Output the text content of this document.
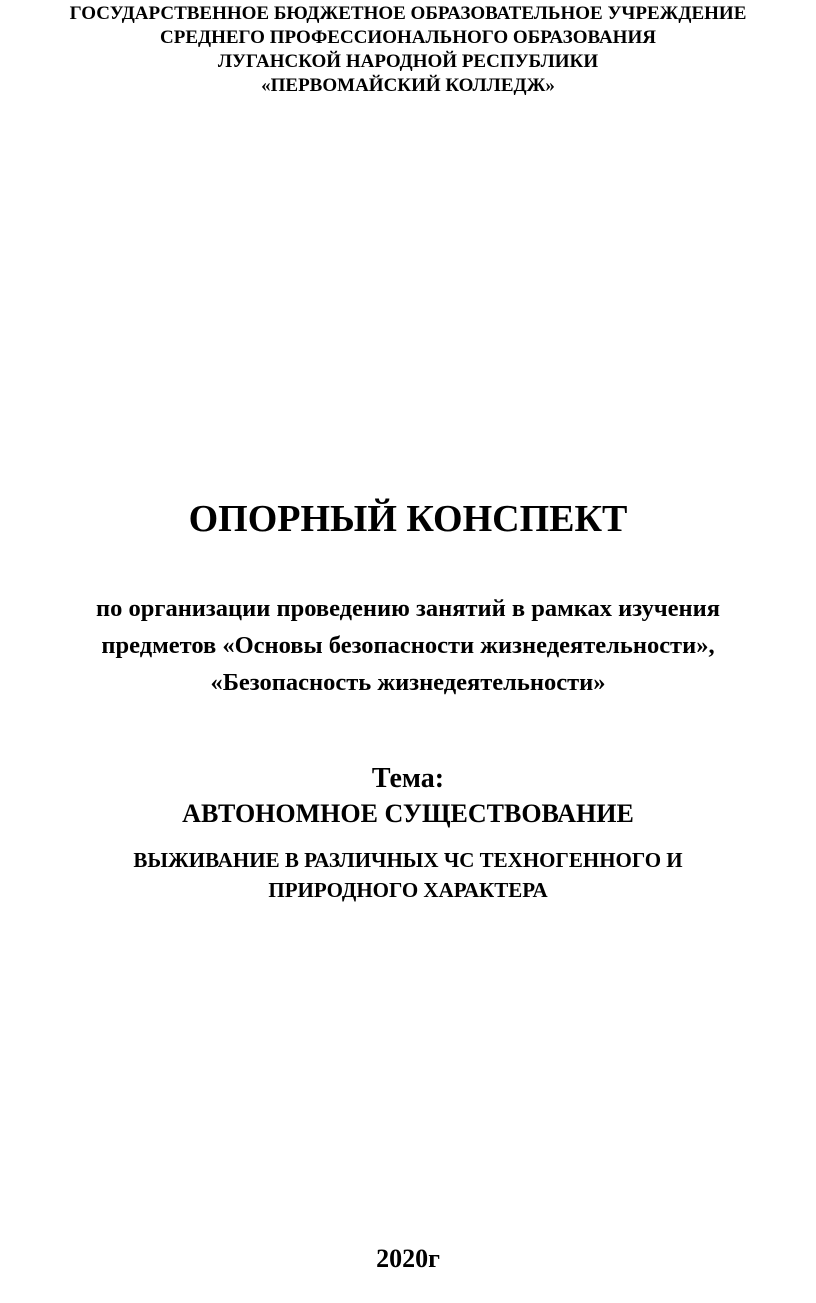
ГОСУДАРСТВЕННОЕ БЮДЖЕТНОЕ ОБРАЗОВАТЕЛЬНОЕ УЧРЕЖДЕНИЕ
СРЕДНЕГО ПРОФЕССИОНАЛЬНОГО ОБРАЗОВАНИЯ
ЛУГАНСКОЙ НАРОДНОЙ РЕСПУБЛИКИ
«ПЕРВОМАЙСКИЙ КОЛЛЕДЖ»
ОПОРНЫЙ КОНСПЕКТ
по организации проведению занятий в рамках изучения
предметов «Основы безопасности жизнедеятельности»,
«Безопасность жизнедеятельности»
Тема:
АВТОНОМНОЕ СУЩЕСТВОВАНИЕ
ВЫЖИВАНИЕ В РАЗЛИЧНЫХ ЧС ТЕХНОГЕННОГО И
ПРИРОДНОГО ХАРАКТЕРА
2020г
